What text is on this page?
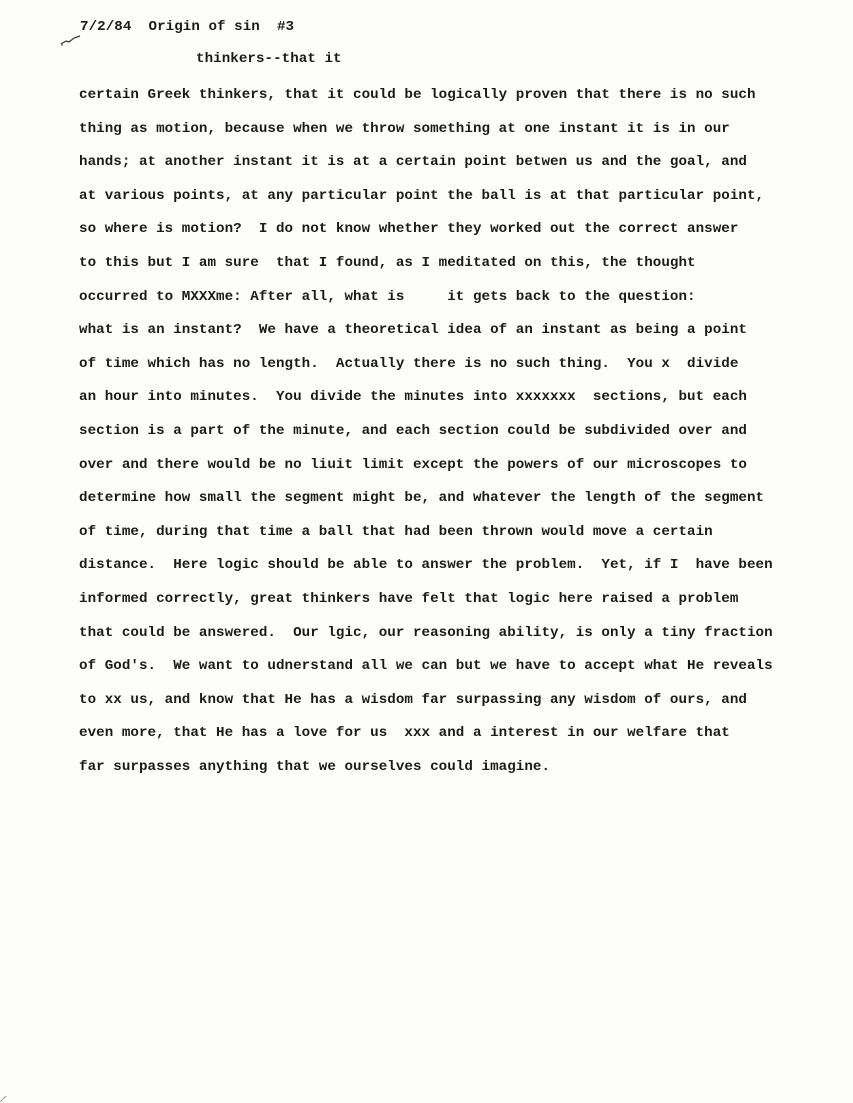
7/2/84  Origin of sin  #3
thinkers--that it
certain Greek thinkers, that it could be logically proven that there is no such
thing as motion, because when we throw something at one instant it is in our
hands; at another instant it is at a certain point betwen us and the goal, and
at various points, at any particular point the ball is at that particular point,
so where is motion?  I do not know whether they worked out the correct answer
to this but I am sure  that I found, as I meditated on this, the thought
occurred to MXXXme: After all, what is     it gets back to the question:
what is an instant?  We have a theoretical idea of an instant as being a point
of time which has no length.  Actually there is no such thing.  You x  divide
an hour into minutes.  You divide the minutes into xxxxxxx  sections, but each
section is a part of the minute, and each section could be subdivided over and
over and there would be no liuit limit except the powers of our microscopes to
determine how small the segment might be, and whatever the length of the segment
of time, during that time a ball that had been thrown would move a certain
distance.  Here logic should be able to answer the problem.  Yet, if I  have been
informed correctly, great thinkers have felt that logic here raised a problem
that could be answered.  Our lgic, our reasoning ability, is only a tiny fraction
of God's.  We want to udnerstand all we can but we have to accept what He reveals
to xx us, and know that He has a wisdom far surpassing any wisdom of ours, and
even more, that He has a love for us  xxx and a interest in our welfare that
far surpasses anything that we ourselves could imagine.
